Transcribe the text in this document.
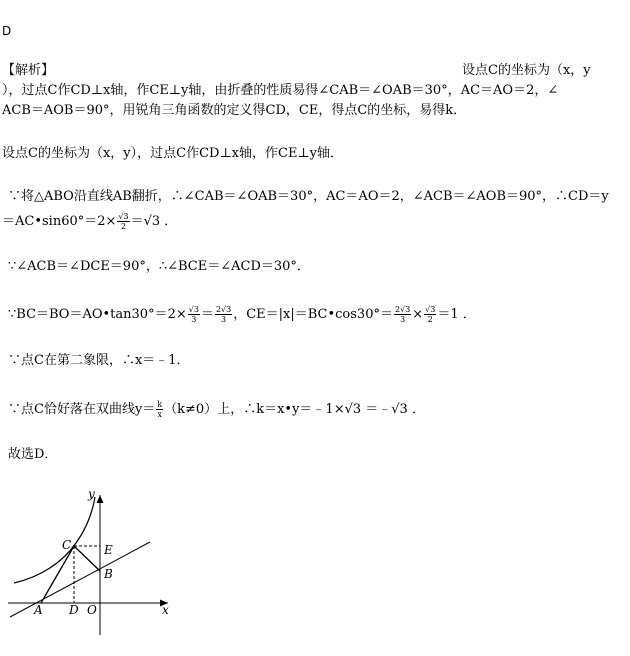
D
【解析】	设点C的坐标为（x，y
），过点C作CD⊥x轴，作CE⊥y轴，由折叠的性质易得∠CAB＝∠OAB＝30°，AC＝AO＝2，∠
ACB＝AOB＝90°，用锐角三角函数的定义得CD，CE，得点C的坐标，易得k．
设点C的坐标为（x，y），过点C作CD⊥x轴，作CE⊥y轴．
∵将△ABO沿直线AB翻折，∴∠CAB＝∠OAB＝30°，AC＝AO＝2，∠ACB＝∠AOB＝90°，∴CD＝y
＝AC•sin60°＝2× $\frac{√3}{2} =√3$ ．
∵∠ACB＝∠DCE＝90°，∴∠BCE＝∠ACD＝30°．
∵BC＝BO＝AO•tan30°＝2× $\frac{√3}{3} = \frac{2√3}{3}$ ，CE＝|x|＝BC•cos30°＝ $\frac{2√3}{3} \times \frac{√3}{2} =1$ ．
∵点C在第二象限，∴x＝﹣1．
∵点C恰好落在双曲线$y= \frac{k}{x} (k\ne 0)$上，∴k＝x•y＝﹣1×√3 ＝﹣√3 ．
故选D．
y
x
C	E
B
A D O
